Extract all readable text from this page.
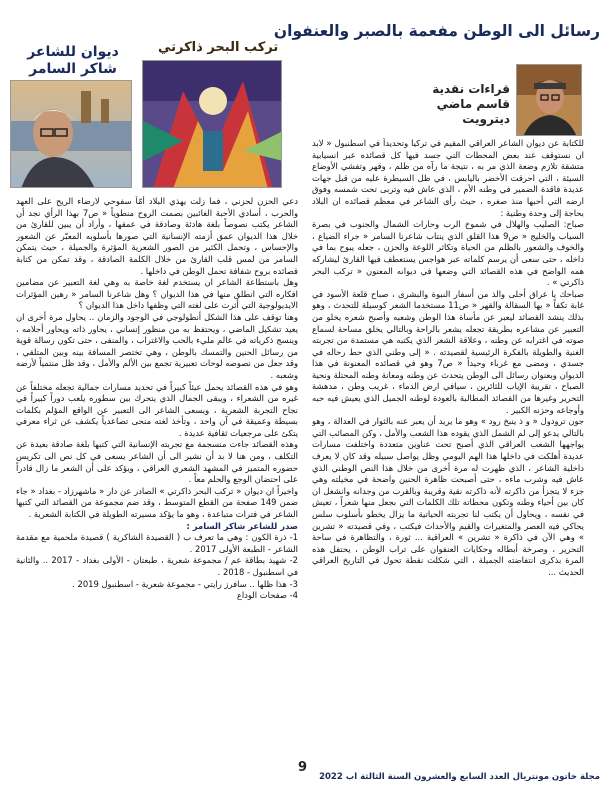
رسائل الى الوطن مفعمة بالصبر والعنفوان
تركب البحر ذاكرتي
ديوان للشاعر شاكر السامر
قراءات نقدية
قاسم ماضي
ديترويت

للكتابة عن ديوان الشاعر العراقي المقيم في تركيا وتحديداً في اسطنبول « لابد ان نستوقف عند بعض المحطات التي جسد فيها كل قصائده عبر انسيابية متشقة تلازم وضعة الذي مر به ، نتيجة ما رآه من ظلم ، وقهر وتفشي الأوضاع السيئة ، التي احرقت الأخضر باليابس ، في ظل السيطرة عليه من قبل جهات عديدة فاقدة الضمير في وطنه الأم ، الذي عاش فيه وتربى تحت شمسه وفوق ارضه التي أحبها منذ صغره ، حيث رأى الشاعر في معظم قصائده ان البلاد بحاجة إلى وحدة وطنية :

صباح: الصليب والهلال في شموخ الرب وحارات الشمال والجنوب في بصرة السياب والخليج « ص9 هذا القلق الذي ينتاب شاعرنا السامر « جراء الضياع ، والخوف والشعور بالظلم من الحياة وتكاثر اللوعة والحزن ، جعله يبوح بما في داخله ، حتى سعى أن يرسم كلماته عبر هواجس يستعطف فيها القارئ ليشاركه همه الواضح في هذه القصائد التي وضعها في ديوانه المعنون « تركب البحر ذاكرتي » .

صباحك يا عراق أحلى والذ من أسفار النبوة والبشرى ، صباح قلعة الأسود في غابة تكفاً « بها السقالة والقهر « ص11 مستخدما الشعر كوسيلة للتحدث ، وهو بذلك ينشد القصائد ليعبر عن مأساة هذا الوطن وشعبه وأصبح شعره يخلو من التعبير عن مشاعره بطريقة تجعله يشعر بالراحة وبالتالي يخلق مساحة لسماع صوته في اغترابه عن وطنه ، وعلاقة الشعر الذي يكتبه هي مستمدة من تجربته الغنية والطويلة بالفكرة الرئيسية لقصيدته . « إلى وطني الذي حط رحاله في جسدي ، ومضى مع غرباء وحيداً « ص7 وهو في قصائده المعنونة في هذا الديوان وبعنوان رسائل الى الوطن يتحدث عن وطنه ومعانة وطنه المحتلة ونحية الصباح ، تقريبة الإياب للثائرين ، سيافي ارض الدماء ، غريب وطن ، مدهشة التحرير وغيرها من القصائد المطالبة بالعودة لوطنه الجميل الذي يعيش فيه حبه وأوجاعه وحزنه الكبير .

جون ترودول « و ذ ينبخ رود » وهو ما يريد أن يعبر عنه بالثوار في العدالة ، وهو بالتالي يدعو إلى لم الشمل الذي يقوده هذا الشعب والأمل ، وكن المصائب التي يواجهها الشعب العراقي الذي أصبح تحت عناوين متعددة واختلفت مسارات عديدة أهلكت في داخلها هذا الهم اليومي وظل يواصل سبيله وقد كان لا يعرف داخلية الشاعر ، الذي ظهرت له مرة أخرى من خلال هذا النص الوطني الذي عاش فيه وشرب ماءه ، حتى أصبحت ظاهرة الحنين واضحة في مخيلته وهي جزء لا يتجزأ من ذاكرته لأنه ذاكرته نقية وقريبة وبالقرب من وجدانه وانشغل ان كان بين أحياء وطنه وتكون محطاته تلك الكلمات التي بجعل منها شعراً ، تعيش في نفسه ، ويحاول أن يكتب لنا تجربته الحياتية ما يزال يخطو بأسلوب سلس يحاكي فيه العصر والمتغيرات والقيم والأحداث فيكتب ، وفي قصيدته « تشرين » وهي الآن في ذاكرة « تشرين » العراقية ... ثورة ، والتظاهرة في ساحة التحرير ، وصرخة أبطاله وحكايات العنفوان على تراب الوطن ، يحتفل هذه المرة بذكرى انتفاضته الجميلة ، التي شكلت نقطة تحول في التاريخ العراقي الحديث ...

دعي الحزن لحزني ، فما زلت يهذي البلاد أمّاً سفوحي لارضاء الريح على العهد والحرب ، أسادي الأحبة الغائبين بصمت الروح منطوياً « ص7 بهذا الرأي نجد أن الشاعر يكتب نصوصاً بلغة هادئة وصادقة في عمقها ، وأراد أن يبين للقارئ من خلال هذا الديوان عمق أزمته الإنسانية التي صورها بأسلوبه المعبّر عن الشعور والإحساس ، وتحمل الكثير من الصور الشعرية المؤثرة والجميلة ، حيث يتمكن السامر من لمس قلب القارئ من خلال الكلمة الصادقة ، وقد تمكن من كتابة قصائده بروح شفافة تحمل الوطن في داخلها .

وهل باستطاعة الشاعر ان يستخدم لغة خاصة به وهي لغة التعبير عن مضامين افكاره التي انطلق منها في هذا الديوان ؟ وهل شاعرنا السامر « رهين المؤثرات الايديولوجية التي أثرت على لغته التي وظفها داخل هذا الديوان ؟

وهنا توقف على هذا الشكل أنطولوجي في الوجود والزمان .. يحاول مرة أخرى ان يعيد تشكيل الماضي ، ويحتفظ به من منظور إنساني ، يحاور ذاته ويحاور أحلامه ، وينسج ذكرياته في عالم مليء بالحب والاغتراب ، والمنفى ، حتى تكون رسالة قوية من رسائل الحنين والتمسك بالوطن ، وهي تختصر المسافة بينه وبين المتلقي ، وقد جعل من نصوصه لوحات تعبيرية تجمع بين الألم والأمل ، وقد ظل منتمياً لأرضه وشعبه .

وهو في هذه القصائد يحمل عبئاً كبيراً في تحديد مسارات جمالية تجعله مختلفاً عن غيره من الشعراء ، ويبقى الجمال الذي يتحرك بين سطوره يلعب دوراً كبيراً في نجاح التجربة الشعرية ، ويسعى الشاعر الى التعبير عن الواقع المؤلم بكلمات بسيطة وعميقة في آن واحد ، وتأخذ لغته منحى تصاعدياً يكشف عن ثراء معرفي يتكئ على مرجعيات ثقافية عديدة .

وهذه القصائد جاءت منسجمة مع تجربته الإنسانية التي كتبها بلغة صادقة بعيدة عن التكلف ، ومن هنا لا بد أن نشير الى أن الشاعر يسعى في كل نص الى تكريس حضوره المتميز في المشهد الشعري العراقي ، ويؤكد على أن الشعر ما زال قادراً على احتضان الوجع والحلم معاً .

واخيراً ان ديوان « تركب البحر ذاكرتي » الصادر عن دار « ماشهرزاد - بغداد « جاء ضمن 149 صفحة من القطع المتوسط ، وقد ضم مجموعة من القصائد التي كتبها الشاعر في فترات متباعدة ، وهو ما يؤكد مسيرته الطويلة في الكتابة الشعرية .

صدر للشاعر شاكر السامر :

1- ذرة الكون : وهي ما تعرف ب ( القصيدة الشاكرية ) قصيدة ملحمية مع مقدمة الشاعر - الطبعة الأولى 2017 .

2- شهيد بطاقة عم / مجموعة شعرية ، طبعتان - الأولى بغداد - 2017 .. والثانية في اسطنبول - 2018 .

3- هذا ظلها .. سافرز رايتي - مجموعة شعرية - اسطنبول 2019 .

4- صفحات الوداع

9
مجلة خاتون مونتريال العدد السابع والعشرون السنة الثالثة اب 2022
